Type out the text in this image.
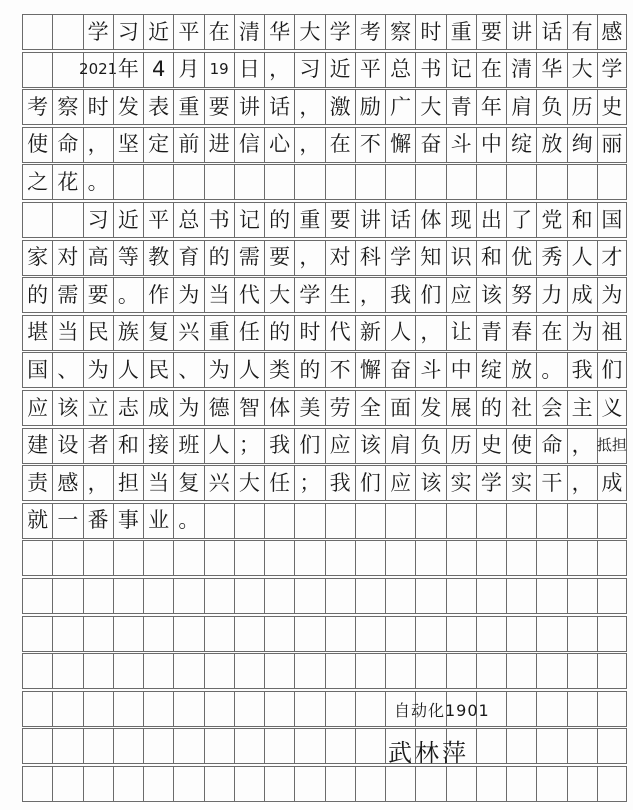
学 习 近 平 在 清 华 大 学 考 察 时 重 要 讲 话 有 感
2021 年 4 月 19 日 ， 习 近 平 总 书 记 在 清 华 大 学
考 察 时 发 表 重 要 讲 话 ， 激 励 广 大 青 年 肩 负 历 史
使 命 ， 坚 定 前 进 信 心 ， 在 不 懈 奋 斗 中 绽 放 绚 丽
之 花 。
习 近 平 总 书 记 的 重 要 讲 话 体 现 出 了 党 和 国
家 对 高 等 教 育 的 需 要 ， 对 科 学 知 识 和 优 秀 人 才
的 需 要 。 作 为 当 代 大 学 生 ， 我 们 应 该 努 力 成 为
堪 当 民 族 复 兴 重 任 的 时 代 新 人 ， 让 青 春 在 为 祖
国 、 为 人 民 、 为 人 类 的 不 懈 奋 斗 中 绽 放 。 我 们
应 该 立 志 成 为 德 智 体 美 劳 全 面 发 展 的 社 会 主 义
建 设 者 和 接 班 人 ； 我 们 应 该 肩 负 历 史 使 命 ， 抵担
责 感 ， 担 当 复 兴 大 任 ； 我 们 应 该 实 学 实 干 ， 成
就 一 番 事 业 。
自动化1901
武林萍
